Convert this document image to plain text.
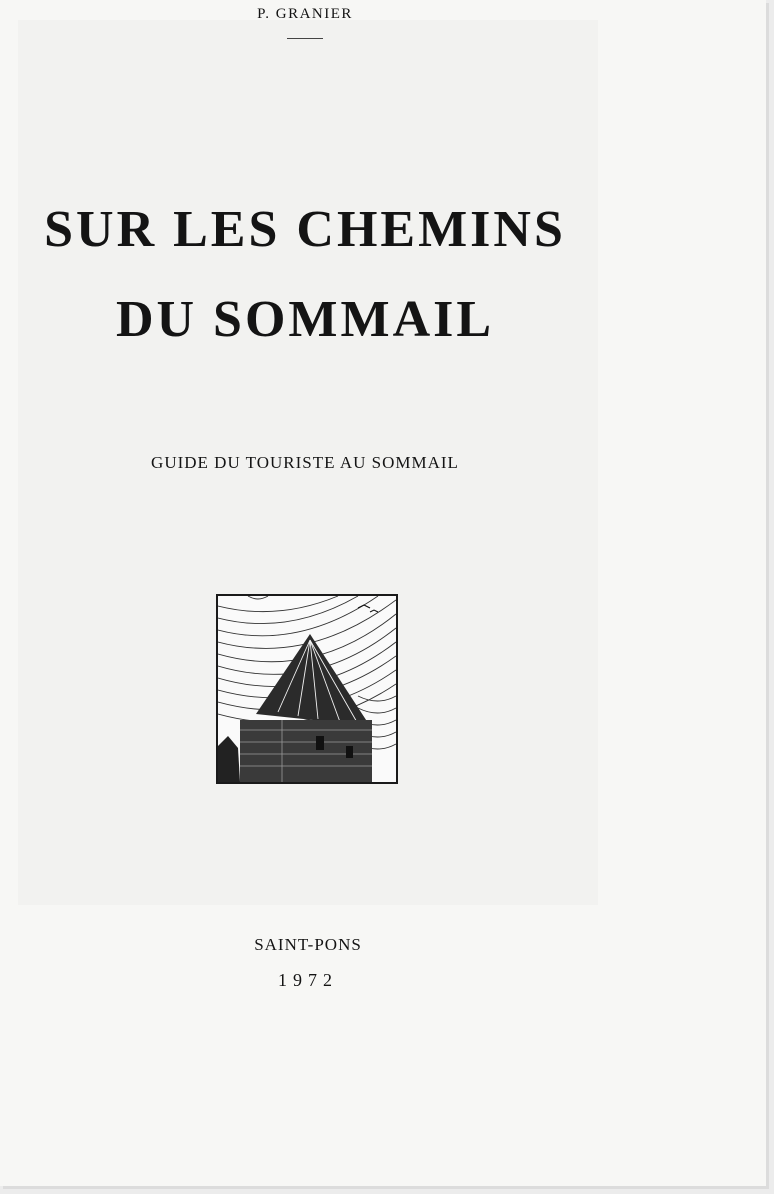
P. GRANIER
SUR LES CHEMINS
DU SOMMAIL
GUIDE DU TOURISTE AU SOMMAIL
SAINT-PONS
1972
